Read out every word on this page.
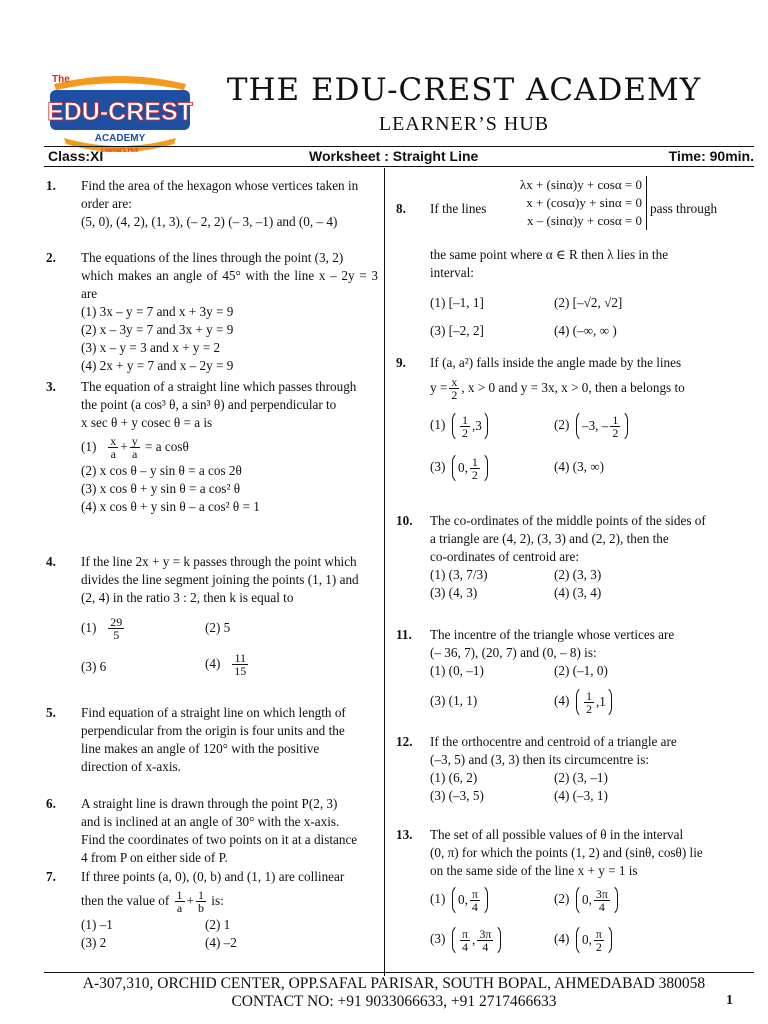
The
EDU-CREST
ACADEMY
Learner's Hub
THE EDU-CREST ACADEMY
LEARNER’S HUB
Class:XI	Worksheet : Straight Line	Time: 90min.
1. Find the area of the hexagon whose vertices taken in
order are:
(5, 0), (4, 2), (1, 3), (– 2, 2) (– 3, –1) and (0, – 4)
2. The equations of the lines through the point (3, 2)
which makes an angle of 45° with the line x – 2y = 3 are
(1) 3x – y = 7 and x + 3y = 9
(2) x – 3y = 7 and 3x + y = 9
(3) x – y = 3 and x + y = 2
(4) 2x + y = 7 and x – 2y = 9
3. The equation of a straight line which passes through
the point (a cos³ θ, a sin³ θ) and perpendicular to
x sec θ + y cosec θ = a is
$(1) \frac{x}{a} + \frac{y}{a} = a$ cosθ
(2) x cos θ – y sin θ = a cos 2θ
(3) x cos θ + y sin θ = a cos² θ
(4) x cos θ + y sin θ – a cos² θ = 1
4. If the line 2x + y = k passes through the point which
divides the line segment joining the points (1, 1) and
(2, 4) in the ratio 3 : 2, then k is equal to
$(1) \frac{29}{5}$	(2) 5
(3) 6	$(4) \frac{11}{15}$
5. Find equation of a straight line on which length of
perpendicular from the origin is four units and the
line makes an angle of 120° with the positive
direction of x-axis.
6. A straight line is drawn through the point P(2, 3)
and is inclined at an angle of 30° with the x-axis.
Find the coordinates of two points on it at a distance
4 from P on either side of P.
7. If three points (a, 0), (0, b) and (1, 1) are collinear
then the value of $\frac{1}{a} + \frac{1}{b}$ is:
(1) –1	(2) 1
(3) 2	(4) –2
λx + (sinα)y + cosα = 0
x + (cosα)y + sinα = 0
x – (sinα)y + cosα = 0
8. If the lines	pass through
the same point where α ∈ R then λ lies in the
interval:
(1) [–1, 1]	(2) [–√2, √2]
(3) [–2, 2]	(4) (–∞, ∞ )
9. If (a, a²) falls inside the angle made by the lines
$y = \frac{x}{2}$ , x > 0 and y = 3x, x > 0, then a belongs to
$(1) \frac{1}{2} ,3$	(2) –3, – $\frac{1}{2}$
(3) 0, $\frac{1}{2}$	(4) (3, ∞)
10. The co-ordinates of the middle points of the sides of
a triangle are (4, 2), (3, 3) and (2, 2), then the
co-ordinates of centroid are:
(1) (3, 7/3)	(2) (3, 3)
(3) (4, 3)	(4) (3, 4)
11. The incentre of the triangle whose vertices are
(– 36, 7), (20, 7) and (0, – 8) is:
(1) (0, –1)	(2) (–1, 0)
(3) (1, 1)	$(4) \frac{1}{2} ,1$
12. If the orthocentre and centroid of a triangle are
(–3, 5) and (3, 3) then its circumcentre is:
(1) (6, 2)	(2) (3, –1)
(3) (–3, 5)	(4) (–3, 1)
13. The set of all possible values of θ in the interval
(0, π) for which the points (1, 2) and (sinθ, cosθ) lie
on the same side of the line x + y = 1 is
(1) 0, $\frac{\pi}{4}$	(2) 0, $\frac{3\pi}{4}$
$(3) \frac{\pi}{4}$ , $\frac{3\pi}{4}$	(4) 0, $\frac{\pi}{2}$
A-307,310, ORCHID CENTER, OPP.SAFAL PARISAR, SOUTH BOPAL, AHMEDABAD 380058
CONTACT NO: +91 9033066633, +91 2717466633	1
